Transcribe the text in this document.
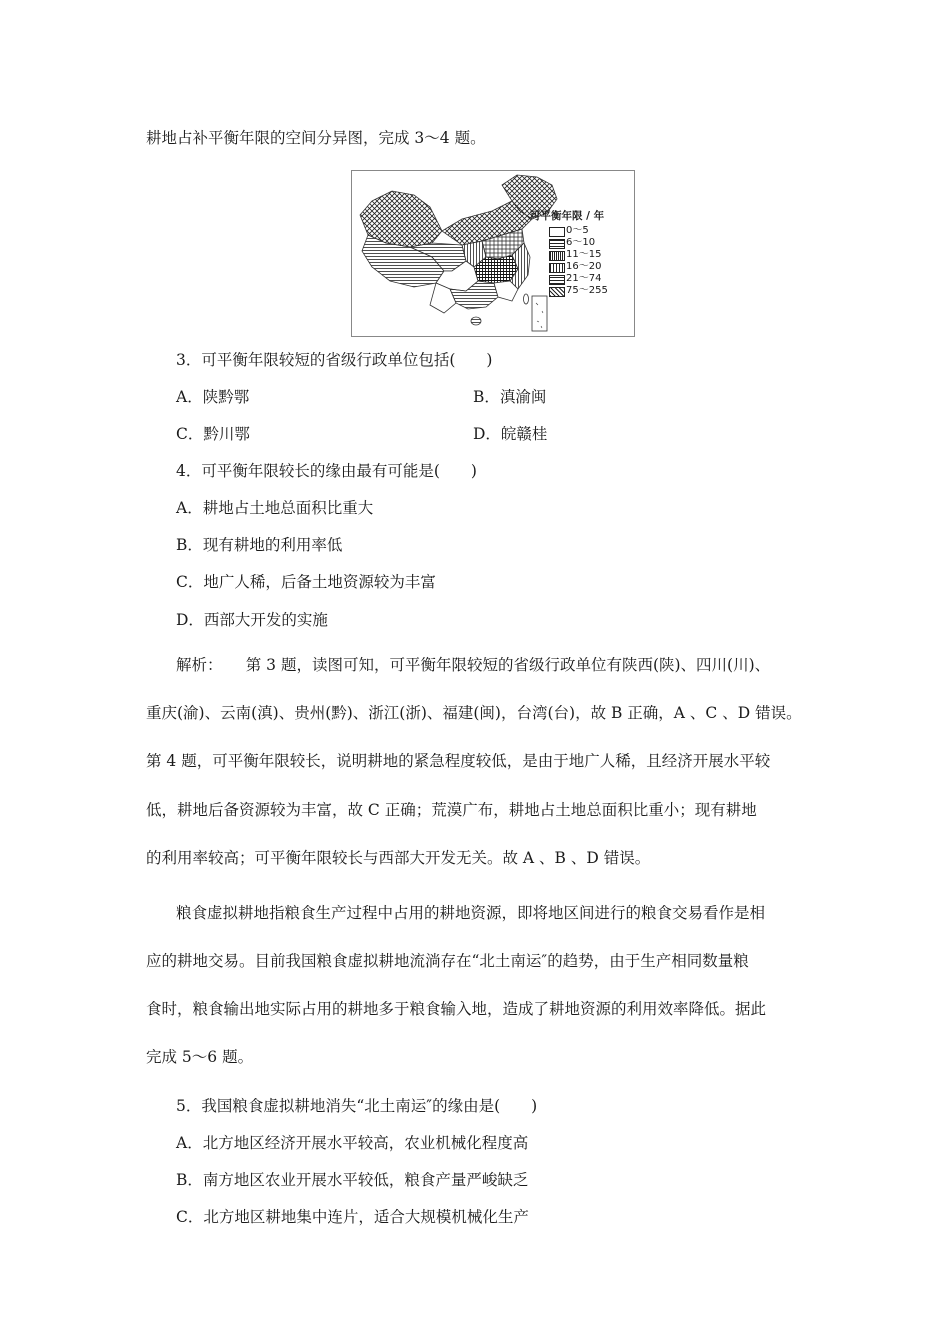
耕地占补平衡年限的空间分异图，完成 3～4 题。
可平衡年限 / 年
0～5
6～10
11～15
16～20
21～74
75～255
3．可平衡年限较短的省级行政单位包括(　　)
A．陕黔鄂	B．滇渝闽
C．黔川鄂	D．皖赣桂
4．可平衡年限较长的缘由最有可能是(　　)
A．耕地占土地总面积比重大
B．现有耕地的利用率低
C．地广人稀，后备土地资源较为丰富
D．西部大开发的实施
解析：　　第 3 题，读图可知，可平衡年限较短的省级行政单位有陕西(陕)、四川(川)、
重庆(渝)、云南(滇)、贵州(黔)、浙江(浙)、福建(闽)，台湾(台)，故 B 正确，A 、C 、D 错误。
第 4 题，可平衡年限较长，说明耕地的紧急程度较低，是由于地广人稀，且经济开展水平较
低，耕地后备资源较为丰富，故 C 正确；荒漠广布，耕地占土地总面积比重小；现有耕地
的利用率较高；可平衡年限较长与西部大开发无关。故 A 、B 、D 错误。
粮食虚拟耕地指粮食生产过程中占用的耕地资源，即将地区间进行的粮食交易看作是相
应的耕地交易。目前我国粮食虚拟耕地流淌存在“北土南运″的趋势，由于生产相同数量粮
食时，粮食输出地实际占用的耕地多于粮食输入地，造成了耕地资源的利用效率降低。据此
完成 5～6 题。
5．我国粮食虚拟耕地消失“北土南运″的缘由是(　　)
A．北方地区经济开展水平较高，农业机械化程度高
B．南方地区农业开展水平较低，粮食产量严峻缺乏
C．北方地区耕地集中连片，适合大规模机械化生产
